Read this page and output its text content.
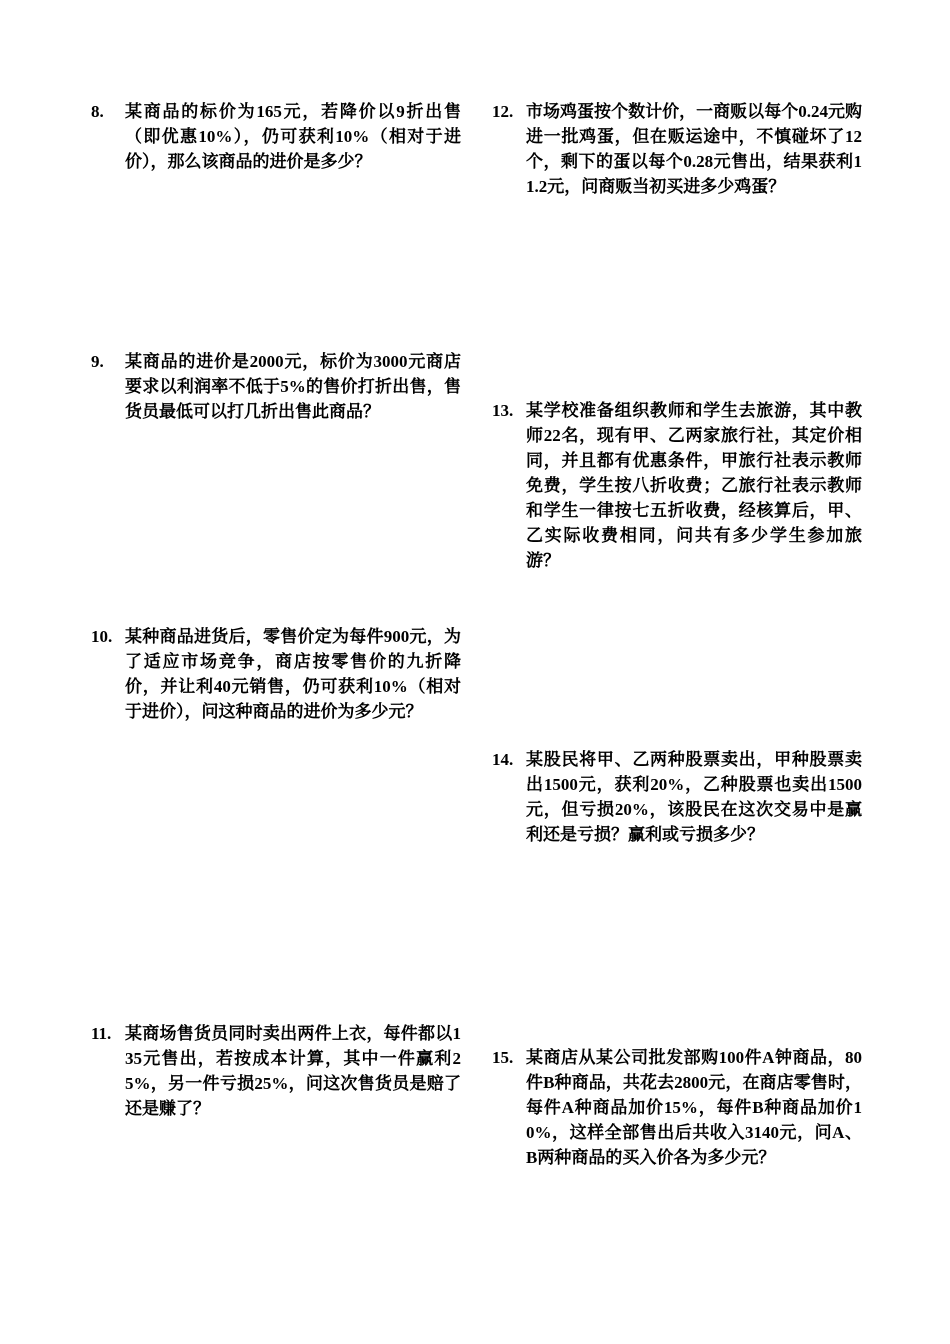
8. 某商品的标价为165元，若降价以9折出售（即优惠10%），仍可获利10%（相对于进价），那么该商品的进价是多少？
9. 某商品的进价是2000元，标价为3000元商店要求以利润率不低于5%的售价打折出售，售货员最低可以打几折出售此商品？
10. 某种商品进货后，零售价定为每件900元，为了适应市场竞争，商店按零售价的九折降价，并让利40元销售，仍可获利10%（相对于进价），问这种商品的进价为多少元？
11. 某商场售货员同时卖出两件上衣，每件都以135元售出，若按成本计算，其中一件赢利25%，另一件亏损25%，问这次售货员是赔了还是赚了？
12. 市场鸡蛋按个数计价，一商贩以每个0.24元购进一批鸡蛋，但在贩运途中，不慎碰坏了12个，剩下的蛋以每个0.28元售出，结果获利11.2元，问商贩当初买进多少鸡蛋？
13. 某学校准备组织教师和学生去旅游，其中教师22名，现有甲、乙两家旅行社，其定价相同，并且都有优惠条件，甲旅行社表示教师免费，学生按八折收费；乙旅行社表示教师和学生一律按七五折收费，经核算后，甲、乙实际收费相同，问共有多少学生参加旅游？
14. 某股民将甲、乙两种股票卖出，甲种股票卖出1500元，获利20%，乙种股票也卖出1500元，但亏损20%，该股民在这次交易中是赢利还是亏损？赢利或亏损多少？
15. 某商店从某公司批发部购100件A钟商品，80件B种商品，共花去2800元，在商店零售时，每件A种商品加价15%，每件B种商品加价10%，这样全部售出后共收入3140元，问A、B两种商品的买入价各为多少元？
